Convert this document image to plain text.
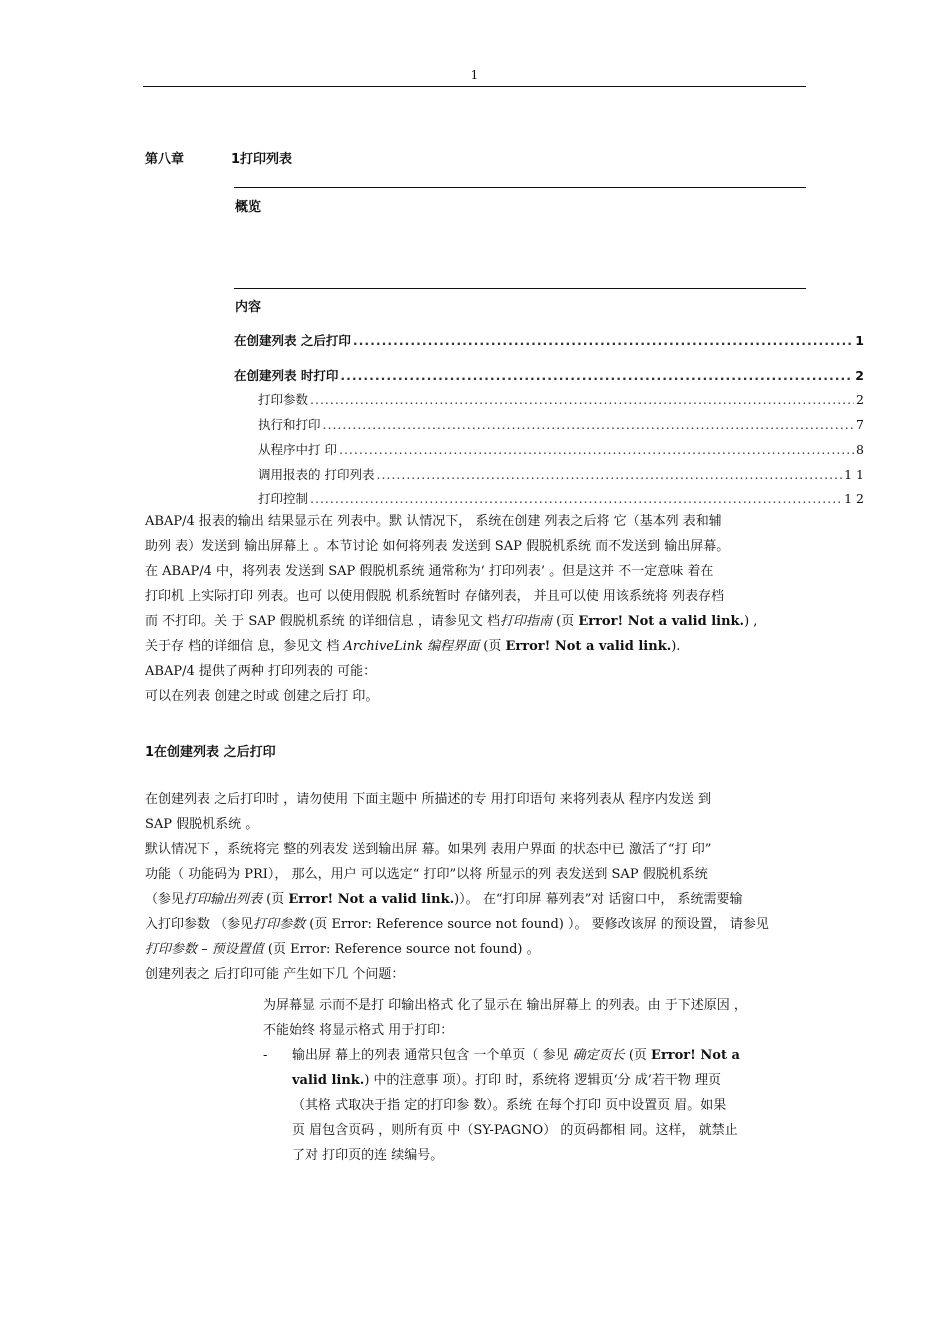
1
第八章	1打印列表
概览
内容
在创建列表 之后打印 .....	1
在创建列表 时打印 .....	2
打印参数 .....	2
执行和打印 .....	7
从程序中打 印 .....	8
调用报表的 打印列表 .....	1 1
打印控制 .....	1 2
ABAP/4 报表的输出 结果显示在 列表中。默 认情况下， 系统在创建 列表之后将 它（基本列 表和辅
助列 表）发送到 输出屏幕上 。本节讨论 如何将列表 发送到 SAP 假脱机系统 而不发送到 输出屏幕。
在 ABAP/4 中，将列表 发送到 SAP 假脱机系统 通常称为‘ 打印列表’ 。但是这并 不一定意味 着在
打印机 上实际打印 列表。也可 以使用假脱 机系统暂时 存储列表， 并且可以使 用该系统将 列表存档
而 不打印。关 于 SAP 假脱机系统 的详细信息 ，请参见文 档打印指南 (页 Error! Not a valid link.) ,
关于存 档的详细信 息，参见文 档 ArchiveLink 编程界面 (页 Error! Not a valid link.).
ABAP/4 提供了两种 打印列表的 可能：
可以在列表 创建之时或 创建之后打 印。
1在创建列表 之后打印
在创建列表 之后打印时 ，请勿使用 下面主题中 所描述的专 用打印语句 来将列表从 程序内发送 到
SAP 假脱机系统 。
默认情况下 ，系统将完 整的列表发 送到输出屏 幕。如果列 表用户界面 的状态中已 激活了“打 印”
功能（ 功能码为 PRI）， 那么，用户 可以选定“ 打印”以将 所显示的列 表发送到 SAP 假脱机系统
（参见打印输出列表 (页 Error! Not a valid link.)）。 在“打印屏 幕列表”对 话窗口中， 系统需要输
入打印参数 （参见打印参数 (页 Error: Reference source not found) ）。 要修改该屏 的预设置， 请参见
打印参数 – 预设置值 (页 Error: Reference source not found) 。
创建列表之 后打印可能 产生如下几 个问题：
为屏幕显 示而不是打 印输出格式 化了显示在 输出屏幕上 的列表。由 于下述原因 ，
不能始终 将显示格式 用于打印：
- 输出屏 幕上的列表 通常只包含 一个单页（ 参见 确定页长 (页 Error! Not a
valid link.) 中的注意事 项）。打印 时，系统将 逻辑页‘分 成’若干物 理页
（其格 式取决于指 定的打印参 数）。系统 在每个打印 页中设置页 眉。如果
页 眉包含页码 ，则所有页 中（SY-PAGNO） 的页码都相 同。这样， 就禁止
了对 打印页的连 续编号。
